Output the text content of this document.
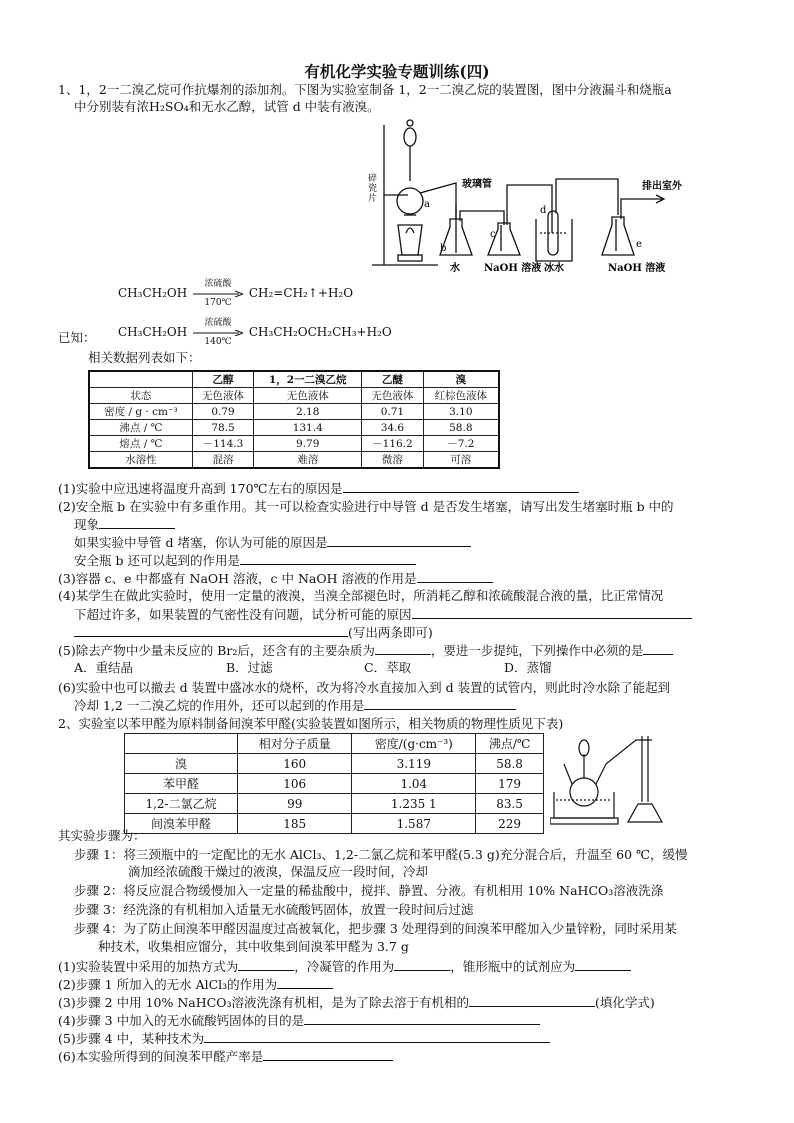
有机化学实验专题训练(四)
1、1，2一二溴乙烷可作抗爆剂的添加剂。下图为实验室制备 1，2一二溴乙烷的装置图，图中分液漏斗和烧瓶a
中分别装有浓H₂SO₄和无水乙醇，试管 d 中装有液溴。
碎
瓷
片	a
b
c
d
e
玻璃管	排出室外
水 NaOH 溶液 冰水	NaOH 溶液
CH₃CH₂OH
浓硫酸
170℃
CH₂=CH₂↑+H₂O
已知： CH₃CH₂OH
浓硫酸
140℃
CH₃CH₂OCH₂CH₃+H₂O
相关数据列表如下：
	乙醇	1，2一二溴乙烷	乙醚	溴
状态	无色液体	无色液体	无色液体	红棕色液体
密度 / g · cm⁻³	0.79	2.18	0.71	3.10
沸点 / ℃	78.5	131.4	34.6	58.8
熔点 / ℃	－114.3	9.79	－116.2	－7.2
水溶性	混溶	难溶	微溶	可溶
(1)实验中应迅速将温度升高到 170℃左右的原因是
(2)安全瓶 b 在实验中有多重作用。其一可以检查实验进行中导管 d 是否发生堵塞，请写出发生堵塞时瓶 b 中的
现象
如果实验中导管 d 堵塞，你认为可能的原因是
安全瓶 b 还可以起到的作用是
(3)容器 c、e 中都盛有 NaOH 溶液，c 中 NaOH 溶液的作用是
(4)某学生在做此实验时，使用一定量的液溴，当溴全部褪色时，所消耗乙醇和浓硫酸混合液的量，比正常情况
下超过许多，如果装置的气密性没有问题，试分析可能的原因
(写出两条即可)
(5)除去产物中少量未反应的 Br₂后，还含有的主要杂质为	，要进一步提纯，下列操作中必须的是
A．重结晶	B．过滤	C．萃取	D．蒸馏
(6)实验中也可以撤去 d 装置中盛冰水的烧杯，改为将冷水直接加入到 d 装置的试管内，则此时冷水除了能起到
冷却 1,2 一二溴乙烷的作用外，还可以起到的作用是
2、实验室以苯甲醛为原料制备间溴苯甲醛(实验装置如图所示，相关物质的物理性质见下表)
	相对分子质量	密度/(g·cm⁻³)	沸点/℃
溴	160	3.119	58.8
苯甲醛	106	1.04	179
1,2-二氯乙烷	99	1.235 1	83.5
间溴苯甲醛	185	1.587	229
其实验步骤为：
步骤 1：将三颈瓶中的一定配比的无水 AlCl₃、1,2-二氯乙烷和苯甲醛(5.3 g)充分混合后，升温至 60 ℃，缓慢
滴加经浓硫酸干燥过的液溴，保温反应一段时间，冷却
步骤 2：将反应混合物缓慢加入一定量的稀盐酸中，搅拌、静置、分液。有机相用 10% NaHCO₃溶液洗涤
步骤 3：经洗涤的有机相加入适量无水硫酸钙固体，放置一段时间后过滤
步骤 4：为了防止间溴苯甲醛因温度过高被氧化，把步骤 3 处理得到的间溴苯甲醛加入少量锌粉，同时采用某
种技术，收集相应馏分，其中收集到间溴苯甲醛为 3.7 g
(1)实验装置中采用的加热方式为	，冷凝管的作用为	，锥形瓶中的试剂应为
(2)步骤 1 所加入的无水 AlCl₃的作用为
(3)步骤 2 中用 10% NaHCO₃溶液洗涤有机相，是为了除去溶于有机相的	(填化学式)
(4)步骤 3 中加入的无水硫酸钙固体的目的是
(5)步骤 4 中，某种技术为
(6)本实验所得到的间溴苯甲醛产率是
